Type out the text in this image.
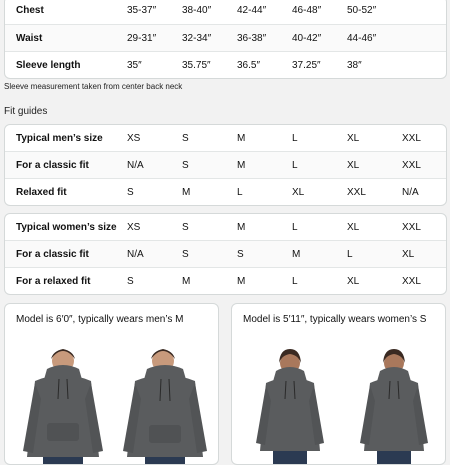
Chest	35-37″	38-40″	42-44″	46-48″	50-52″
Waist	29-31″	32-34″	36-38″	40-42″	44-46″
Sleeve length	35″	35.75″	36.5″	37.25″	38″
Sleeve measurement taken from center back neck
Fit guides
Typical men’s size	XS	S	M	L	XL	XXL
For a classic fit	N/A	S	M	L	XL	XXL
Relaxed fit	S	M	L	XL	XXL	N/A
Typical women’s size	XS	S	M	L	XL	XXL
For a classic fit	N/A	S	S	M	L	XL
For a relaxed fit	S	M	M	L	XL	XXL
Model is 6′0″, typically wears men’s M	Model is 5′11″, typically wears women’s S
